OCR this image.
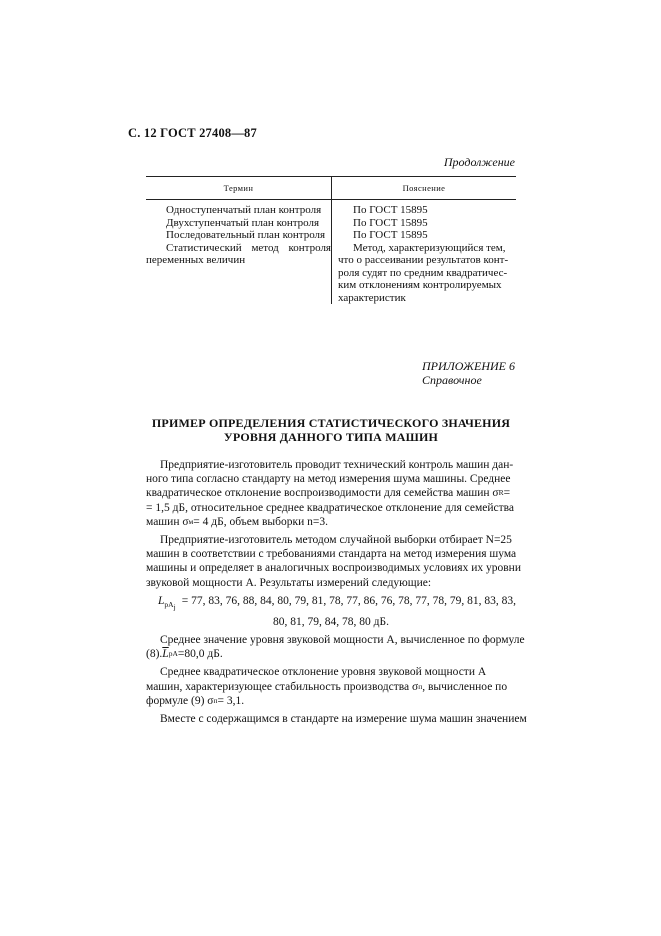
С. 12 ГОСТ 27408—87
Продолжение
Термин	Пояснение
Одноступенчатый план контроля
Двухступенчатый план контроля
Последовательный план контроля
Статистический метод контроля
переменных величин
По ГОСТ 15895
По ГОСТ 15895
По ГОСТ 15895
Метод, характеризующийся тем,
что о рассеивании результатов конт-
роля судят по средним квадратичес-
ким отклонениям контролируемых
характеристик
ПРИЛОЖЕНИЕ 6
Справочное
ПРИМЕР ОПРЕДЕЛЕНИЯ СТАТИСТИЧЕСКОГО ЗНАЧЕНИЯ
УРОВНЯ ДАННОГО ТИПА МАШИН
Предприятие-изготовитель проводит технический контроль машин дан-
ного типа согласно стандарту на метод измерения шума машины. Среднее
квадратическое отклонение воспроизводимости для семейства машин σ R =
= 1,5 дБ, относительное среднее квадратическое отклонение для семейства
машин σ м = 4 дБ, объем выборки n=3.
Предприятие-изготовитель методом случайной выборки отбирает N=25
машин в соответствии с требованиями стандарта на метод измерения шума
машины и определяет в аналогичных воспроизводимых условиях их уровни
звуковой мощности A. Результаты измерений следующие:
$L_{pA_j}$
= 77, 83, 76, 88, 84, 80, 79, 81, 78, 77, 86, 76, 78, 77, 78, 79, 81, 83, 83,
80, 81, 79, 84, 78, 80 дБ.
Среднее значение уровня звуковой мощности A, вычисленное по формуле
(8). $\overline{L}$ pA =80,0 дБ.
Среднее квадратическое отклонение уровня звуковой мощности A
машин, характеризующее стабильность производства σ п , вычисленное по
формуле (9) σ п = 3,1.
Вместе с содержащимся в стандарте на измерение шума машин значением
